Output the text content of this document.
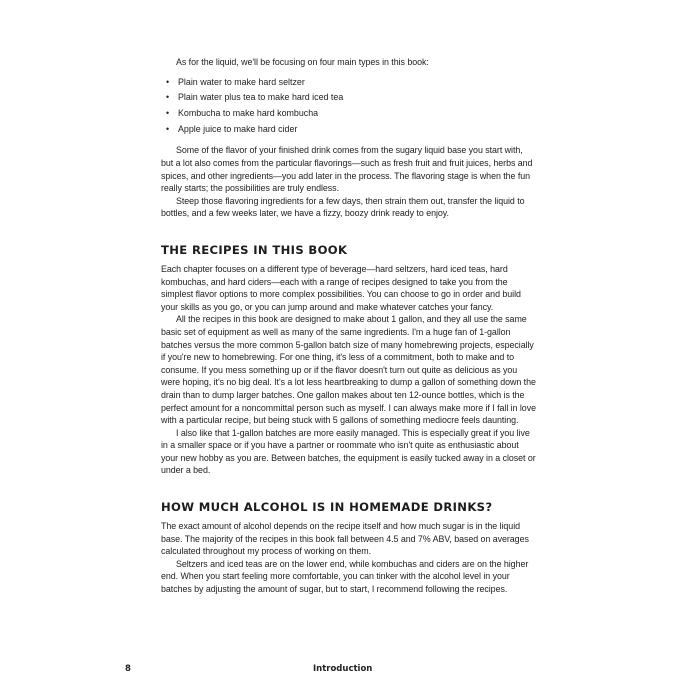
As for the liquid, we'll be focusing on four main types in this book:

• Plain water to make hard seltzer
• Plain water plus tea to make hard iced tea
• Kombucha to make hard kombucha
• Apple juice to make hard cider

Some of the flavor of your finished drink comes from the sugary liquid base you start with, but a lot also comes from the particular flavorings—such as fresh fruit and fruit juices, herbs and spices, and other ingredients—you add later in the process. The flavoring stage is when the fun really starts; the possibilities are truly endless.

Steep those flavoring ingredients for a few days, then strain them out, transfer the liquid to bottles, and a few weeks later, we have a fizzy, boozy drink ready to enjoy.

THE RECIPES IN THIS BOOK

Each chapter focuses on a different type of beverage—hard seltzers, hard iced teas, hard kombuchas, and hard ciders—each with a range of recipes designed to take you from the simplest flavor options to more complex possibilities. You can choose to go in order and build your skills as you go, or you can jump around and make whatever catches your fancy.

All the recipes in this book are designed to make about 1 gallon, and they all use the same basic set of equipment as well as many of the same ingredients. I'm a huge fan of 1-gallon batches versus the more common 5-gallon batch size of many homebrewing projects, especially if you're new to homebrewing. For one thing, it's less of a commitment, both to make and to consume. If you mess something up or if the flavor doesn't turn out quite as delicious as you were hoping, it's no big deal. It's a lot less heartbreaking to dump a gallon of something down the drain than to dump larger batches. One gallon makes about ten 12-ounce bottles, which is the perfect amount for a noncommittal person such as myself. I can always make more if I fall in love with a particular recipe, but being stuck with 5 gallons of something mediocre feels daunting.

I also like that 1-gallon batches are more easily managed. This is especially great if you live in a smaller space or if you have a partner or roommate who isn't quite as enthusiastic about your new hobby as you are. Between batches, the equipment is easily tucked away in a closet or under a bed.

HOW MUCH ALCOHOL IS IN HOMEMADE DRINKS?

The exact amount of alcohol depends on the recipe itself and how much sugar is in the liquid base. The majority of the recipes in this book fall between 4.5 and 7% ABV, based on averages calculated throughout my process of working on them.

Seltzers and iced teas are on the lower end, while kombuchas and ciders are on the higher end. When you start feeling more comfortable, you can tinker with the alcohol level in your batches by adjusting the amount of sugar, but to start, I recommend following the recipes.

8	Introduction
